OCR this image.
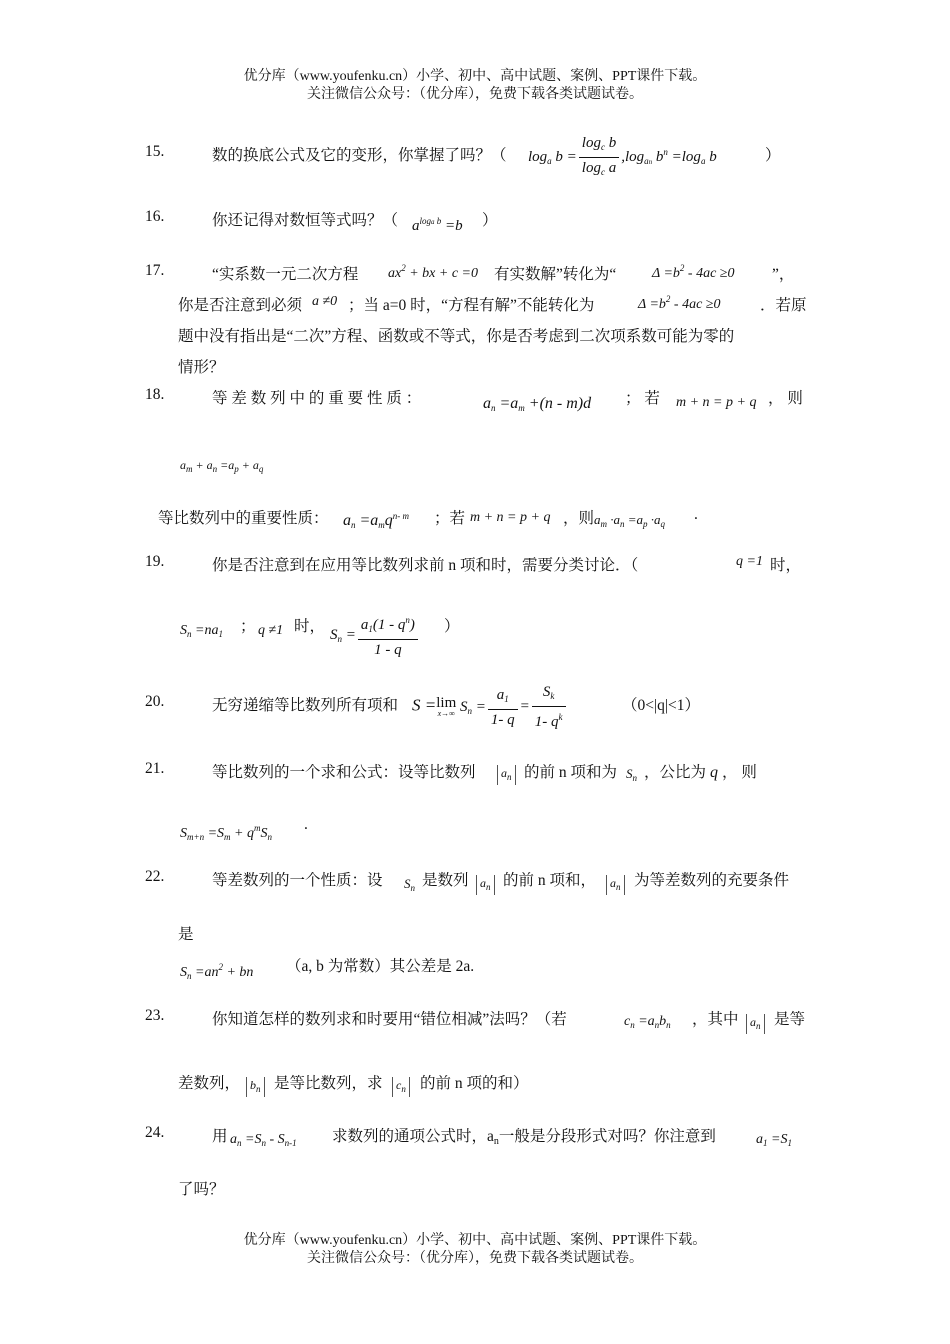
优分库（www.youfenku.cn）小学、初中、高中试题、案例、PPT课件下载。
关注微信公众号：（优分库），免费下载各类试题试卷。
15.	数的换底公式及它的变形，你掌握了吗？（ $\log_a b = \frac{\log_c b}{\log_c a} ,\log_{an}$ $b^n =\log_a$ b	）
16.	你还记得对数恒等式吗？（ $a^{loga b} =b$ ）
17.	“实系数一元二次方程 $ax^2$ + bx + c =0 有实数解”转化为“	$\Delta =b^2 - 4ac \ge 0$ ”，
你是否注意到必须 a ≠0 ；当 a=0 时，“方程有解”不能转化为	$\Delta =b^2 - 4ac \ge 0$	．若原
题中没有指出是“二次”方程、函数或不等式，你是否考虑到二次项系数可能为零的
情形？
18.	等 差 数 列 中 的 重 要 性 质 ：	$a_n =a_m +(n - m)d$ ； 若 m + n = p + q ， 则
$a_m + a_n =a_p + a_q$
等比数列中的重要性质： $a_n =a_mq^{n- m}$ ；若 m + n = p + q ，则 $a_m \cdot a_n =a_p \cdot a_q$
.
19.	你是否注意到在应用等比数列求前 n 项和时，需要分类讨论．（	q =1 时，
$S_n =na_1$ ； q ≠1 时， $S_n = \frac{a_1(1 - q^n)}{1 - q}$ ）
20.	无穷递缩等比数列所有项和 S =lim
x→∞ $S_n = \frac{a_1}{1- q} = \frac{S_k}{1- q^k}$	（0<|q|<1）
21.	等比数列的一个求和公式：设等比数列	$a_n$ 的前 n 项和为 $S_n$ ，公比为 q ， 则
$S_{m+n} =S_m + q^mS_n$
.
22.	等差数列的一个性质：设 $S_n$ 是数列 $a_n$ 的前 n 项和，	$a_n$ 为等差数列的充要条件
是
$S_n =an^2$ + bn （a, b 为常数）其公差是 2a.
23.	你知道怎样的数列求和时要用“错位相减”法吗？（若	$c_n =a_nb_n$ ，其中 $a_n$ 是等
差数列， $b_n$ 是等比数列，求	$c_n$ 的前 n 项的和）
24.	用 $a_n =S_n - S_{n-1}$ 求数列的通项公式时，$a_n$一般是分段形式对吗？你注意到	$a_1 =S_1$
了吗？
优分库（www.youfenku.cn）小学、初中、高中试题、案例、PPT课件下载。
关注微信公众号：（优分库），免费下载各类试题试卷。
